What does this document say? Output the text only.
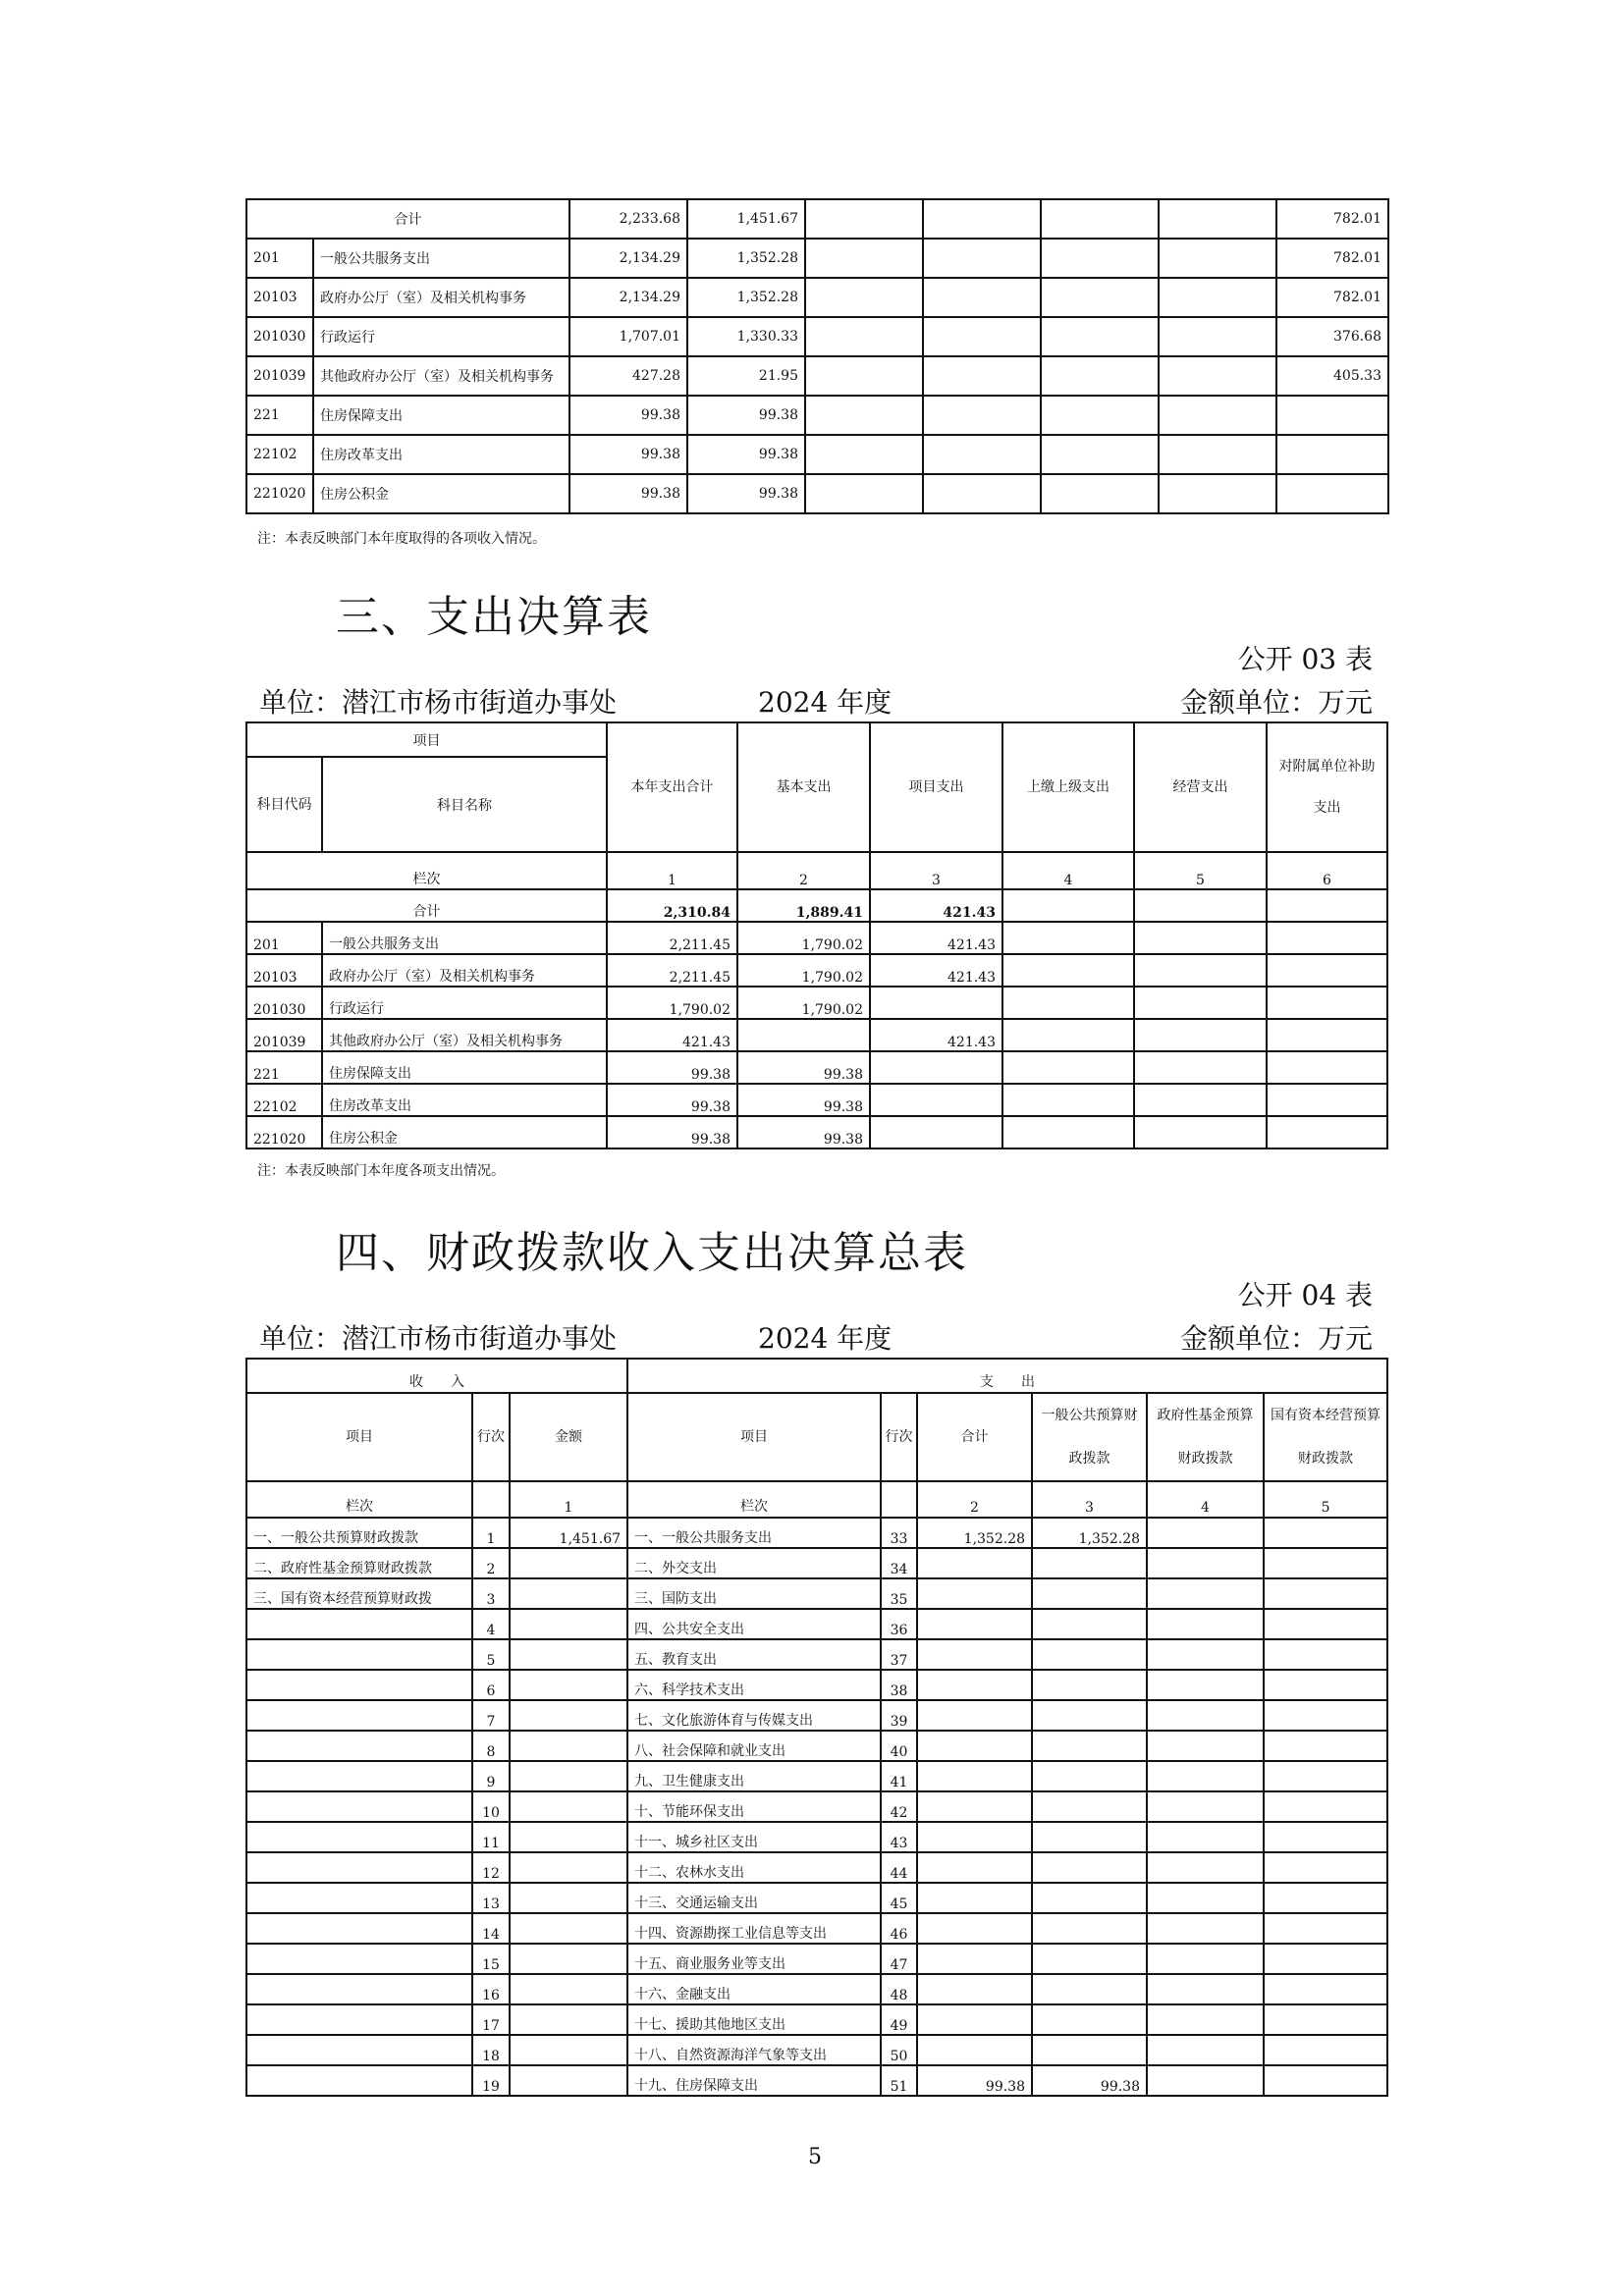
合计		2,233.68	1,451.67					782.01
201	一般公共服务支出	2,134.29	1,352.28					782.01
20103	政府办公厅（室）及相关机构事务	2,134.29	1,352.28					782.01
201030	行政运行	1,707.01	1,330.33					376.68
201039	其他政府办公厅（室）及相关机构事务	427.28	21.95					405.33
221	住房保障支出	99.38	99.38					
22102	住房改革支出	99.38	99.38					
221020	住房公积金	99.38	99.38					
注：本表反映部门本年度取得的各项收入情况。
三、支出决算表
公开 03 表
单位：潜江市杨市街道办事处	2024 年度	金额单位：万元
项目		本年支出合计	基本支出	项目支出	上缴上级支出	经营支出	对附属单位补助支出
科目代码	科目名称						
栏次		1	2	3	4	5	6
合计		2,310.84	1,889.41	421.43			
201	一般公共服务支出	2,211.45	1,790.02	421.43			
20103	政府办公厅（室）及相关机构事务	2,211.45	1,790.02	421.43			
201030	行政运行	1,790.02	1,790.02				
201039	其他政府办公厅（室）及相关机构事务	421.43		421.43			
221	住房保障支出	99.38	99.38				
22102	住房改革支出	99.38	99.38				
221020	住房公积金	99.38	99.38				
注：本表反映部门本年度各项支出情况。
四、财政拨款收入支出决算总表
公开 04 表
单位：潜江市杨市街道办事处	2024 年度	金额单位：万元
收　　入			支　　出					
项目	行次	金额	项目	行次	合计	一般公共预算财政拨款	政府性基金预算财政拨款	国有资本经营预算财政拨款
栏次		1	栏次		2	3	4	5
一、一般公共预算财政拨款	1	1,451.67	一、一般公共服务支出	33	1,352.28	1,352.28		
二、政府性基金预算财政拨款	2		二、外交支出	34				
三、国有资本经营预算财政拨	3		三、国防支出	35				
	4		四、公共安全支出	36				
	5		五、教育支出	37				
	6		六、科学技术支出	38				
	7		七、文化旅游体育与传媒支出	39				
	8		八、社会保障和就业支出	40				
	9		九、卫生健康支出	41				
	10		十、节能环保支出	42				
	11		十一、城乡社区支出	43				
	12		十二、农林水支出	44				
	13		十三、交通运输支出	45				
	14		十四、资源勘探工业信息等支出	46				
	15		十五、商业服务业等支出	47				
	16		十六、金融支出	48				
	17		十七、援助其他地区支出	49				
	18		十八、自然资源海洋气象等支出	50				
	19		十九、住房保障支出	51	99.38	99.38		
5
